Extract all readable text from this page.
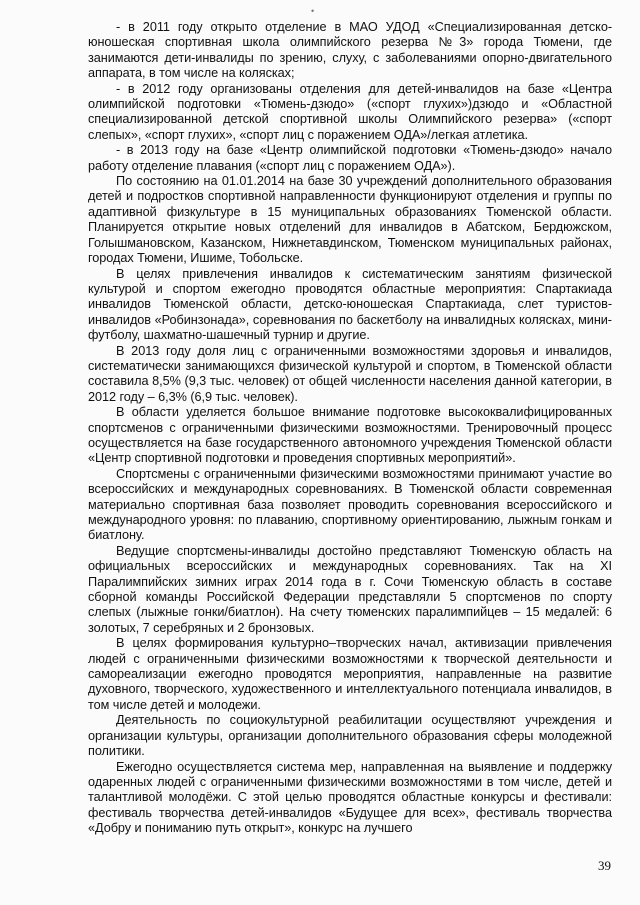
•

- в 2011 году открыто отделение в МАО УДОД «Специализированная детско-юношеская спортивная школа олимпийского резерва №3» города Тюмени, где занимаются дети-инвалиды по зрению, слуху, с заболеваниями опорно-двигательного аппарата, в том числе на колясках;

- в 2012 году организованы отделения для детей-инвалидов на базе «Центра олимпийской подготовки «Тюмень-дзюдо» («спорт глухих»)дзюдо и «Областной специализированной детской спортивной школы Олимпийского резерва» («спорт слепых», «спорт глухих», «спорт лиц с поражением ОДА»/легкая атлетика.

- в 2013 году на базе «Центр олимпийской подготовки «Тюмень-дзюдо» начало работу отделение плавания («спорт лиц с поражением ОДА»).

По состоянию на 01.01.2014 на базе 30 учреждений дополнительного образования детей и подростков спортивной направленности функционируют отделения и группы по адаптивной физкультуре в 15 муниципальных образованиях Тюменской области. Планируется открытие новых отделений для инвалидов в Абатском, Бердюжском, Голышмановском, Казанском, Нижнетавдинском, Тюменском муниципальных районах, городах Тюмени, Ишиме, Тобольске.

В целях привлечения инвалидов к систематическим занятиям физической культурой и спортом ежегодно проводятся областные мероприятия: Спартакиада инвалидов Тюменской области, детско-юношеская Спартакиада, слет туристов-инвалидов «Робинзонада», соревнования по баскетболу на инвалидных колясках, мини-футболу, шахматно-шашечный турнир и другие.

В 2013 году доля лиц с ограниченными возможностями здоровья и инвалидов, систематически занимающихся физической культурой и спортом, в Тюменской области составила 8,5% (9,3 тыс. человек) от общей численности населения данной категории, в 2012 году – 6,3% (6,9 тыс. человек).

В области уделяется большое внимание подготовке высококвалифицированных спортсменов с ограниченными физическими возможностями. Тренировочный процесс осуществляется на базе государственного автономного учреждения Тюменской области «Центр спортивной подготовки и проведения спортивных мероприятий».

Спортсмены с ограниченными физическими возможностями принимают участие во всероссийских и международных соревнованиях. В Тюменской области современная материально спортивная база позволяет проводить соревнования всероссийского и международного уровня: по плаванию, спортивному ориентированию, лыжным гонкам и биатлону.

Ведущие спортсмены-инвалиды достойно представляют Тюменскую область на официальных всероссийских и международных соревнованиях. Так на XI Паралимпийских зимних играх 2014 года в г. Сочи Тюменскую область в составе сборной команды Российской Федерации представляли 5 спортсменов по спорту слепых (лыжные гонки/биатлон). На счету тюменских паралимпийцев – 15 медалей: 6 золотых, 7 серебряных и 2 бронзовых.

В целях формирования культурно–творческих начал, активизации привлечения людей с ограниченными физическими возможностями к творческой деятельности и самореализации ежегодно проводятся мероприятия, направленные на развитие духовного, творческого, художественного и интеллектуального потенциала инвалидов, в том числе детей и молодежи.

Деятельность по социокультурной реабилитации осуществляют учреждения и организации культуры, организации дополнительного образования сферы молодежной политики.

Ежегодно осуществляется система мер, направленная на выявление и поддержку одаренных людей с ограниченными физическими возможностями в том числе, детей и талантливой молодёжи. С этой целью проводятся областные конкурсы и фестивали: фестиваль творчества детей-инвалидов «Будущее для всех», фестиваль творчества «Добру и пониманию путь открыт», конкурс на лучшего

39
